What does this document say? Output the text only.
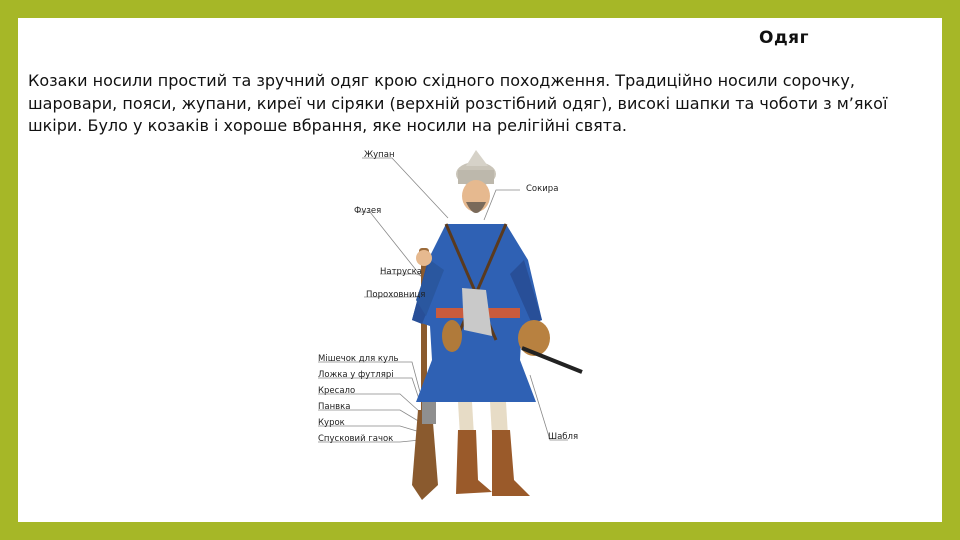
Одяг
Козаки носили простий та зручний одяг крою східного походження. Традиційно носили сорочку, шаровари, пояси, жупани, киреї чи сіряки (верхній розстібний одяг), високі шапки та чоботи з м’якої шкіри. Було у козаків і хороше вбрання, яке носили на релігійні свята.
Жупан
Сокира
Фузея
Натруска
Пороховниця
Мішечок для куль
Ложка у футлярі
Кресало
Панвка
Курок
Спусковий гачок	Шабля
